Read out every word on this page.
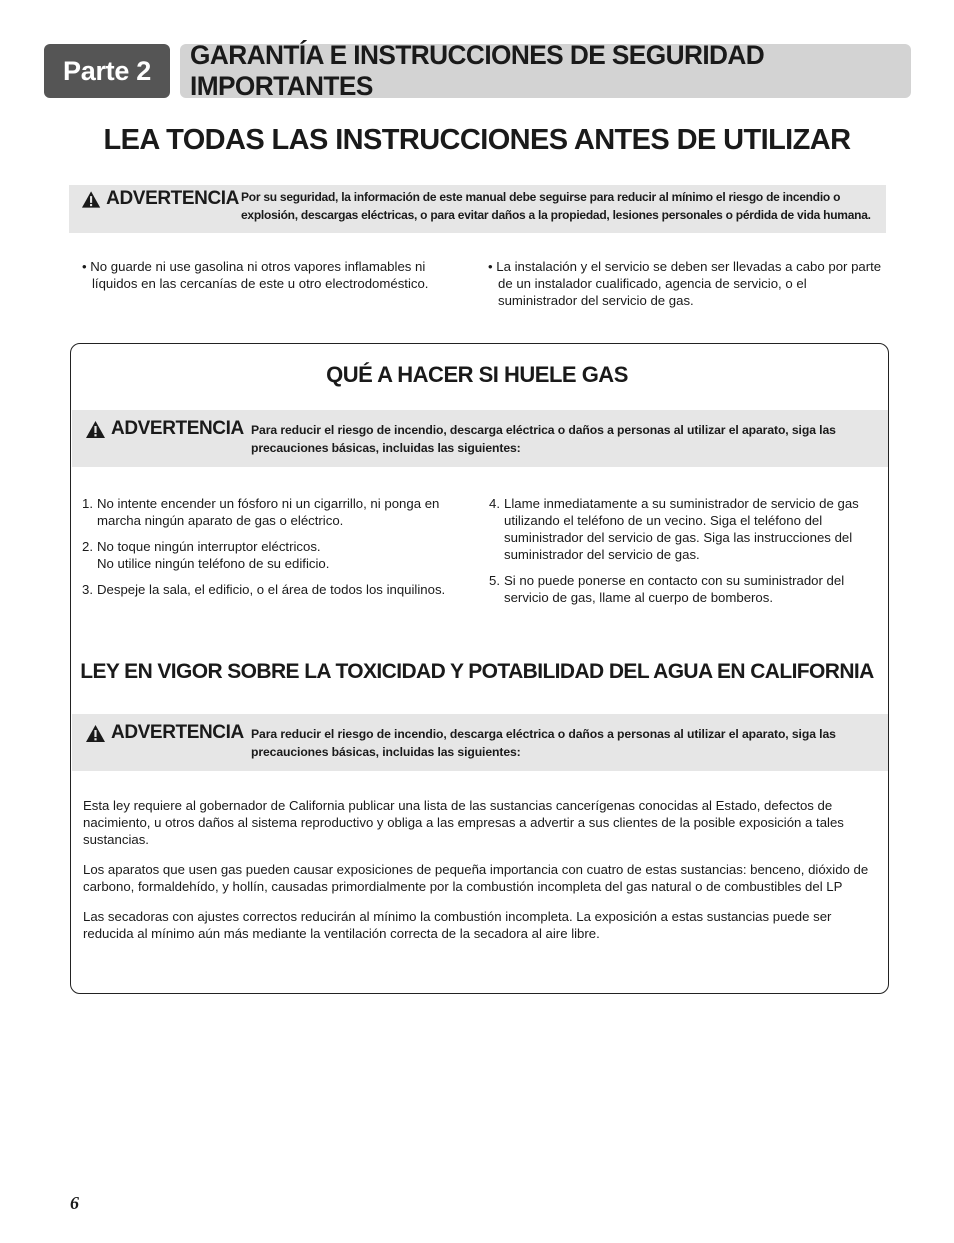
Parte 2
GARANTÍA E INSTRUCCIONES DE SEGURIDAD IMPORTANTES
LEA TODAS LAS INSTRUCCIONES ANTES DE UTILIZAR
ADVERTENCIA Por su seguridad, la información de este manual debe seguirse para reducir al mínimo el riesgo de incendio o explosión, descargas eléctricas, o para evitar daños a la propiedad, lesiones personales o pérdida de vida humana.

• No guarde ni use gasolina ni otros vapores inflamables ni líquidos en las cercanías de este u otro electrodoméstico.

• La instalación y el servicio se deben ser llevadas a cabo por parte de un instalador cualificado, agencia de servicio, o el suministrador del servicio de gas.

QUÉ A HACER SI HUELE GAS
ADVERTENCIA Para reducir el riesgo de incendio, descarga eléctrica o daños a personas al utilizar el aparato, siga las precauciones básicas, incluidas las siguientes:
1. No intente encender un fósforo ni un cigarrillo, ni ponga en marcha ningún aparato de gas o eléctrico.
2. No toque ningún interruptor eléctricos.
No utilice ningún teléfono de su edificio.
3. Despeje la sala, el edificio, o el área de todos los inquilinos.
4. Llame inmediatamente a su suministrador de servicio de gas utilizando el teléfono de un vecino. Siga el teléfono del suministrador del servicio de gas. Siga las instrucciones del suministrador del servicio de gas.
5. Si no puede ponerse en contacto con su suministrador del servicio de gas, llame al cuerpo de bomberos.
LEY EN VIGOR SOBRE LA TOXICIDAD Y POTABILIDAD DEL AGUA EN CALIFORNIA
ADVERTENCIA Para reducir el riesgo de incendio, descarga eléctrica o daños a personas al utilizar el aparato, siga las precauciones básicas, incluidas las siguientes:

Esta ley requiere al gobernador de California publicar una lista de las sustancias cancerígenas conocidas al Estado, defectos de nacimiento, u otros daños al sistema reproductivo y obliga a las empresas a advertir a sus clientes de la posible exposición a tales sustancias.

Los aparatos que usen gas pueden causar exposiciones de pequeña importancia con cuatro de estas sustancias: benceno, dióxido de carbono, formaldehído, y hollín, causadas primordialmente por la combustión incompleta del gas natural o de combustibles del LP

Las secadoras con ajustes correctos reducirán al mínimo la combustión incompleta. La exposición a estas sustancias puede ser reducida al mínimo aún más mediante la ventilación correcta de la secadora al aire libre.

6
